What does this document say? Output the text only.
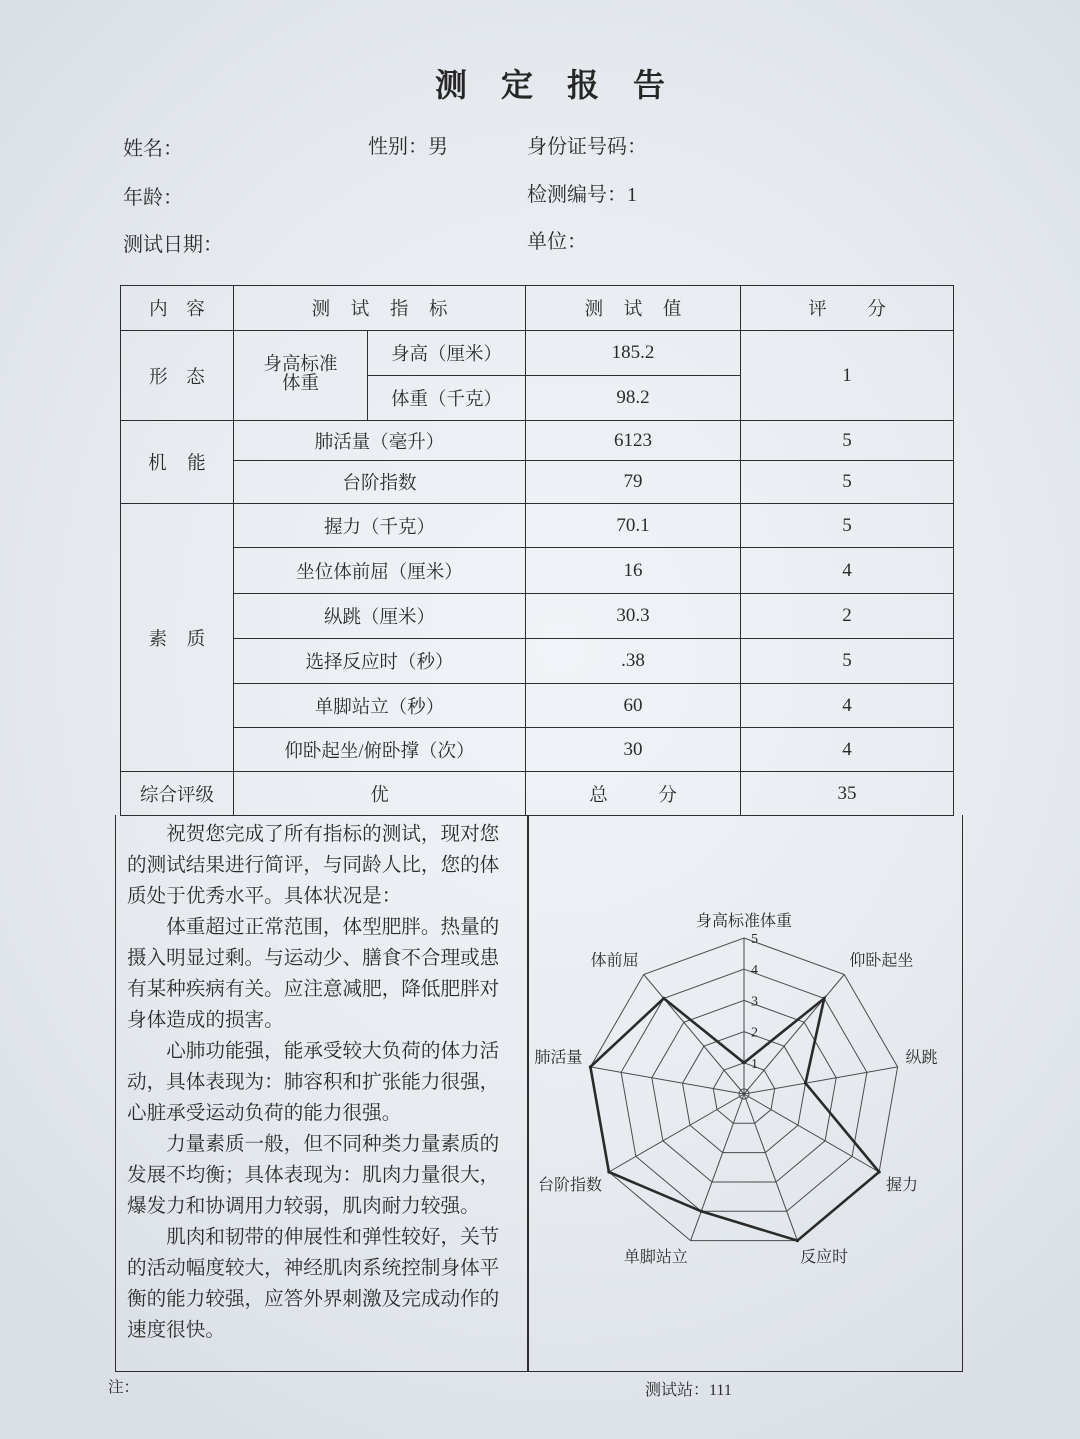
测 定 报 告
姓名：	性别：男	身份证号码：
年龄：	检测编号：1
测试日期：	单位：
内 容	测 试 指 标		测 试 值	评 分
形 态	身高标准体重	身高（厘米）	185.2	1
		体重（千克）	98.2	
机 能	肺活量（毫升）		6123	5
	台阶指数		79	5
素 质	握力（千克）		70.1	5
	坐位体前屈（厘米）		16	4
	纵跳（厘米）		30.3	2
	选择反应时（秒）		.38	5
	单脚站立（秒）		60	4
	仰卧起坐/俯卧撑（次）		30	4
综合评级	优		总 分	35

祝贺您完成了所有指标的测试，现对您的测试结果进行简评，与同龄人比，您的体质处于优秀水平。具体状况是：

体重超过正常范围，体型肥胖。热量的摄入明显过剩。与运动少、膳食不合理或患有某种疾病有关。应注意减肥，降低肥胖对身体造成的损害。

心肺功能强，能承受较大负荷的体力活动，具体表现为：肺容积和扩张能力很强，心脏承受运动负荷的能力很强。

力量素质一般，但不同种类力量素质的发展不均衡；具体表现为：肌肉力量很大，爆发力和协调用力较弱，肌肉耐力较强。

肌肉和韧带的伸展性和弹性较好，关节的活动幅度较大，神经肌肉系统控制身体平衡的能力较强，应答外界刺激及完成动作的速度很快。

1
2
3
4
5
身高标准体重
仰卧起坐
纵跳
握力
反应时
单脚站立
台阶指数
肺活量
体前屈
注：	测试站：111
